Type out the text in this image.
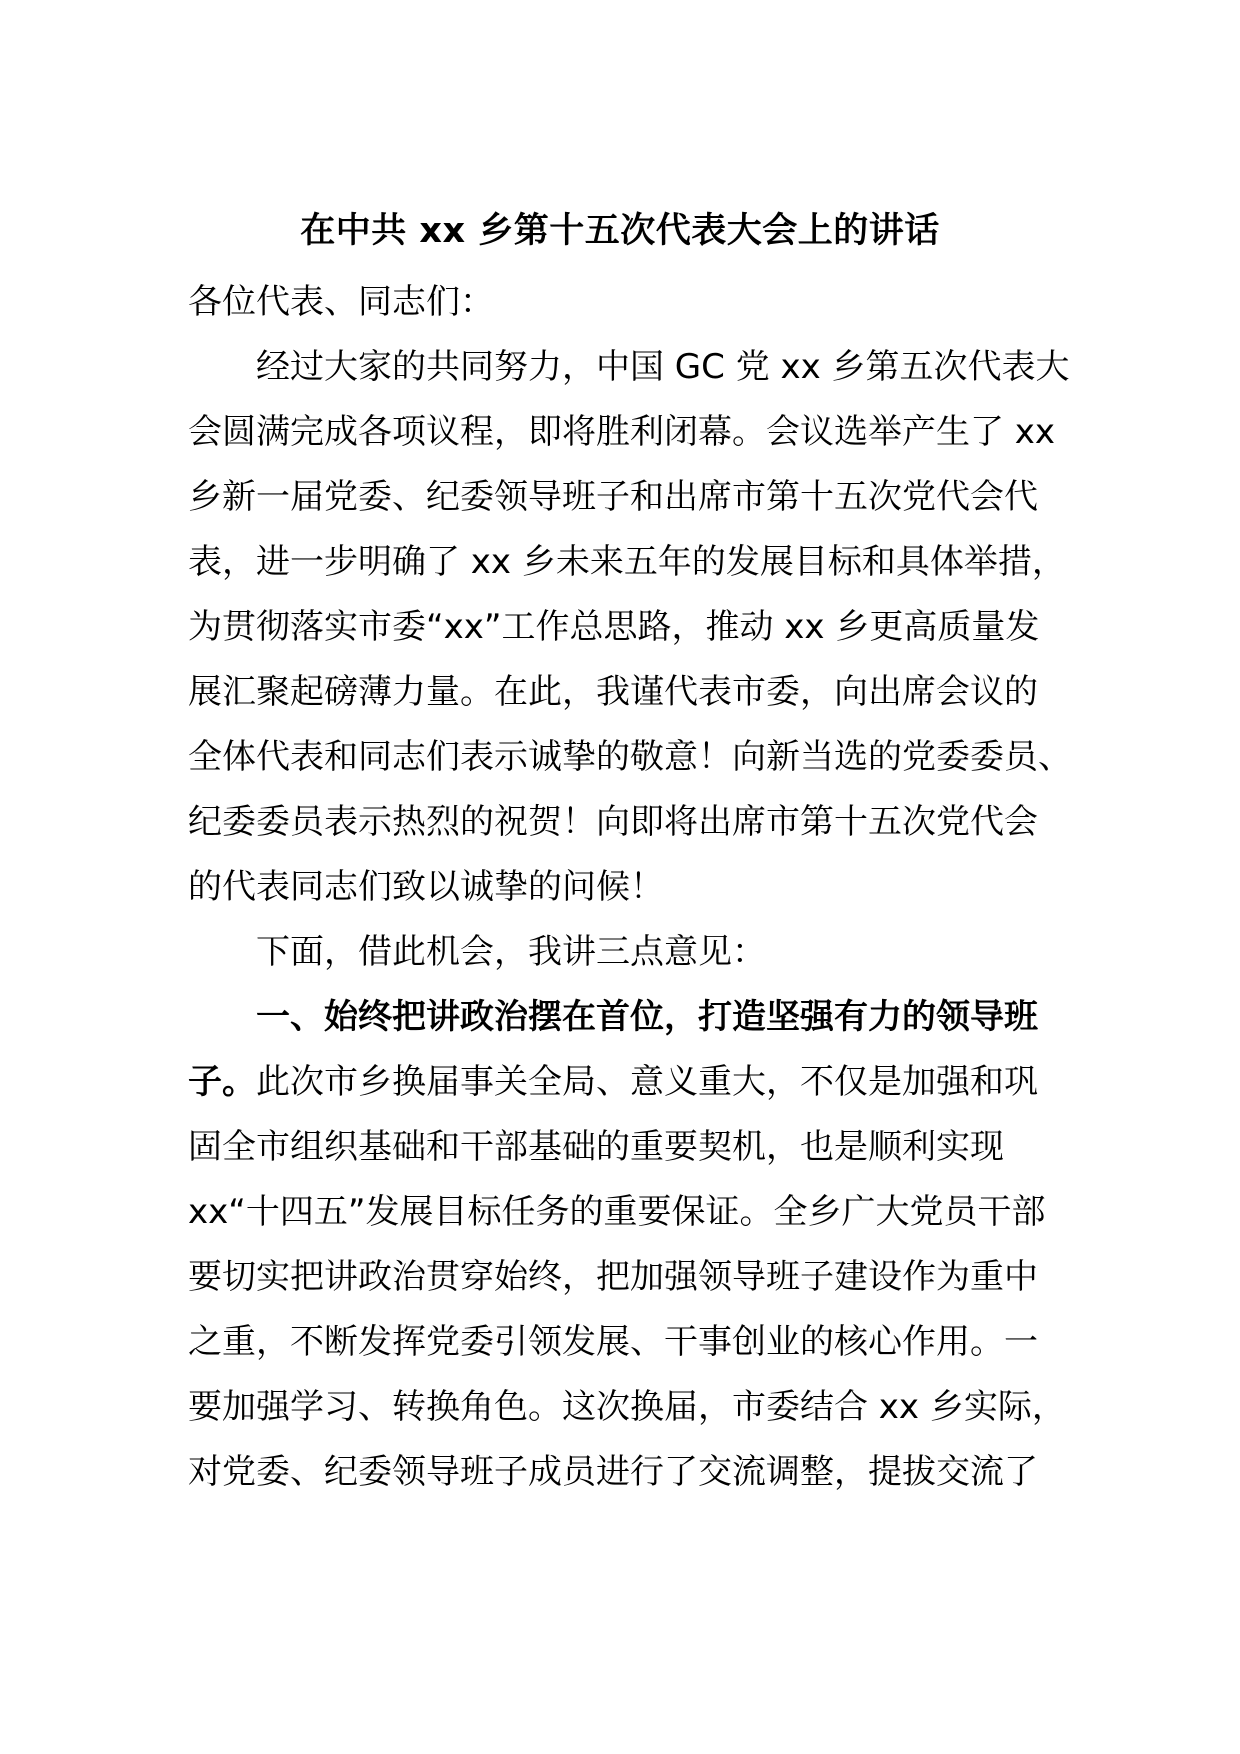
在中共 xx 乡第十五次代表大会上的讲话
各位代表、同志们：
经过大家的共同努力，中国 GC 党 xx 乡第五次代表大
会圆满完成各项议程，即将胜利闭幕。会议选举产生了 xx
乡新一届党委、纪委领导班子和出席市第十五次党代会代
表，进一步明确了 xx 乡未来五年的发展目标和具体举措，
为贯彻落实市委“xx”工作总思路，推动 xx 乡更高质量发
展汇聚起磅薄力量。在此，我谨代表市委，向出席会议的
全体代表和同志们表示诚挚的敬意！向新当选的党委委员、
纪委委员表示热烈的祝贺！向即将出席市第十五次党代会
的代表同志们致以诚挚的问候！
下面，借此机会，我讲三点意见：
一、始终把讲政治摆在首位，打造坚强有力的领导班
子。此次市乡换届事关全局、意义重大，不仅是加强和巩
固全市组织基础和干部基础的重要契机，也是顺利实现
xx“十四五”发展目标任务的重要保证。全乡广大党员干部
要切实把讲政治贯穿始终，把加强领导班子建设作为重中
之重，不断发挥党委引领发展、干事创业的核心作用。一
要加强学习、转换角色。这次换届，市委结合 xx 乡实际，
对党委、纪委领导班子成员进行了交流调整，提拔交流了
